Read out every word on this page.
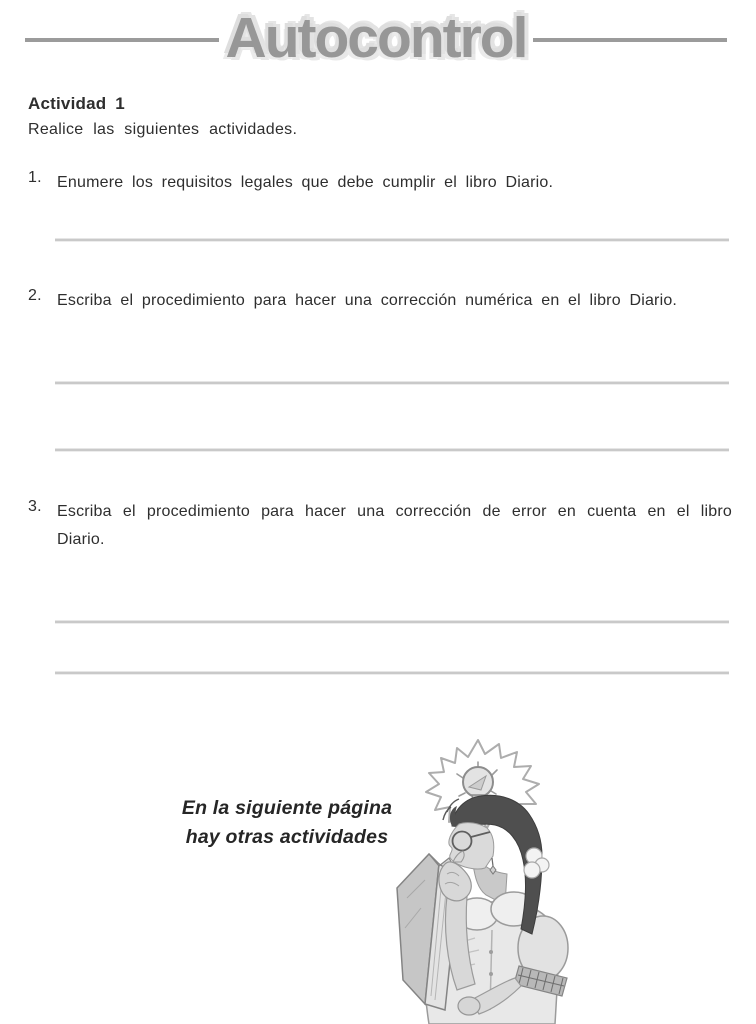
Autocontrol
Actividad 1
Realice las siguientes actividades.
1. Enumere los requisitos legales que debe cumplir el libro Diario.
2. Escriba el procedimiento para hacer una corrección numérica en el libro Diario.
3. Escriba el procedimiento para hacer una corrección de error en cuenta en el libro Diario.
En la siguiente página
hay otras actividades
